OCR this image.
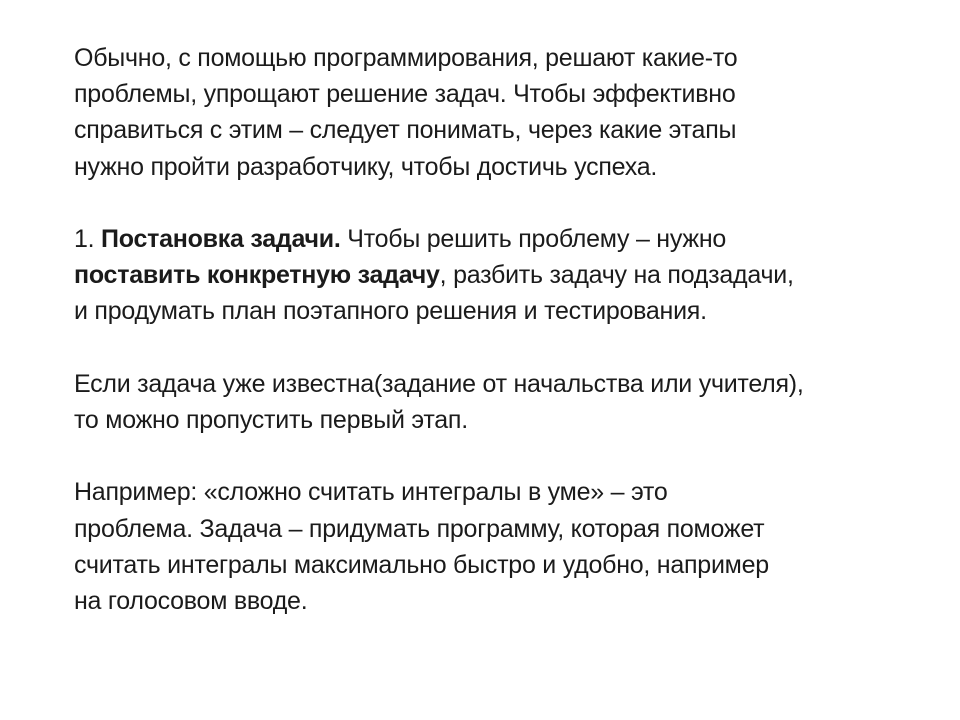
Обычно, с помощью программирования, решают какие-то
проблемы, упрощают решение задач. Чтобы эффективно
справиться с этим – следует понимать, через какие этапы
нужно пройти разработчику, чтобы достичь успеха.

1. Постановка задачи. Чтобы решить проблему – нужно
поставить конкретную задачу, разбить задачу на подзадачи,
и продумать план поэтапного решения и тестирования.

Если задача уже известна(задание от начальства или учителя),
то можно пропустить первый этап.

Например: «сложно считать интегралы в уме» – это
проблема. Задача – придумать программу, которая поможет
считать интегралы максимально быстро и удобно, например
на голосовом вводе.
